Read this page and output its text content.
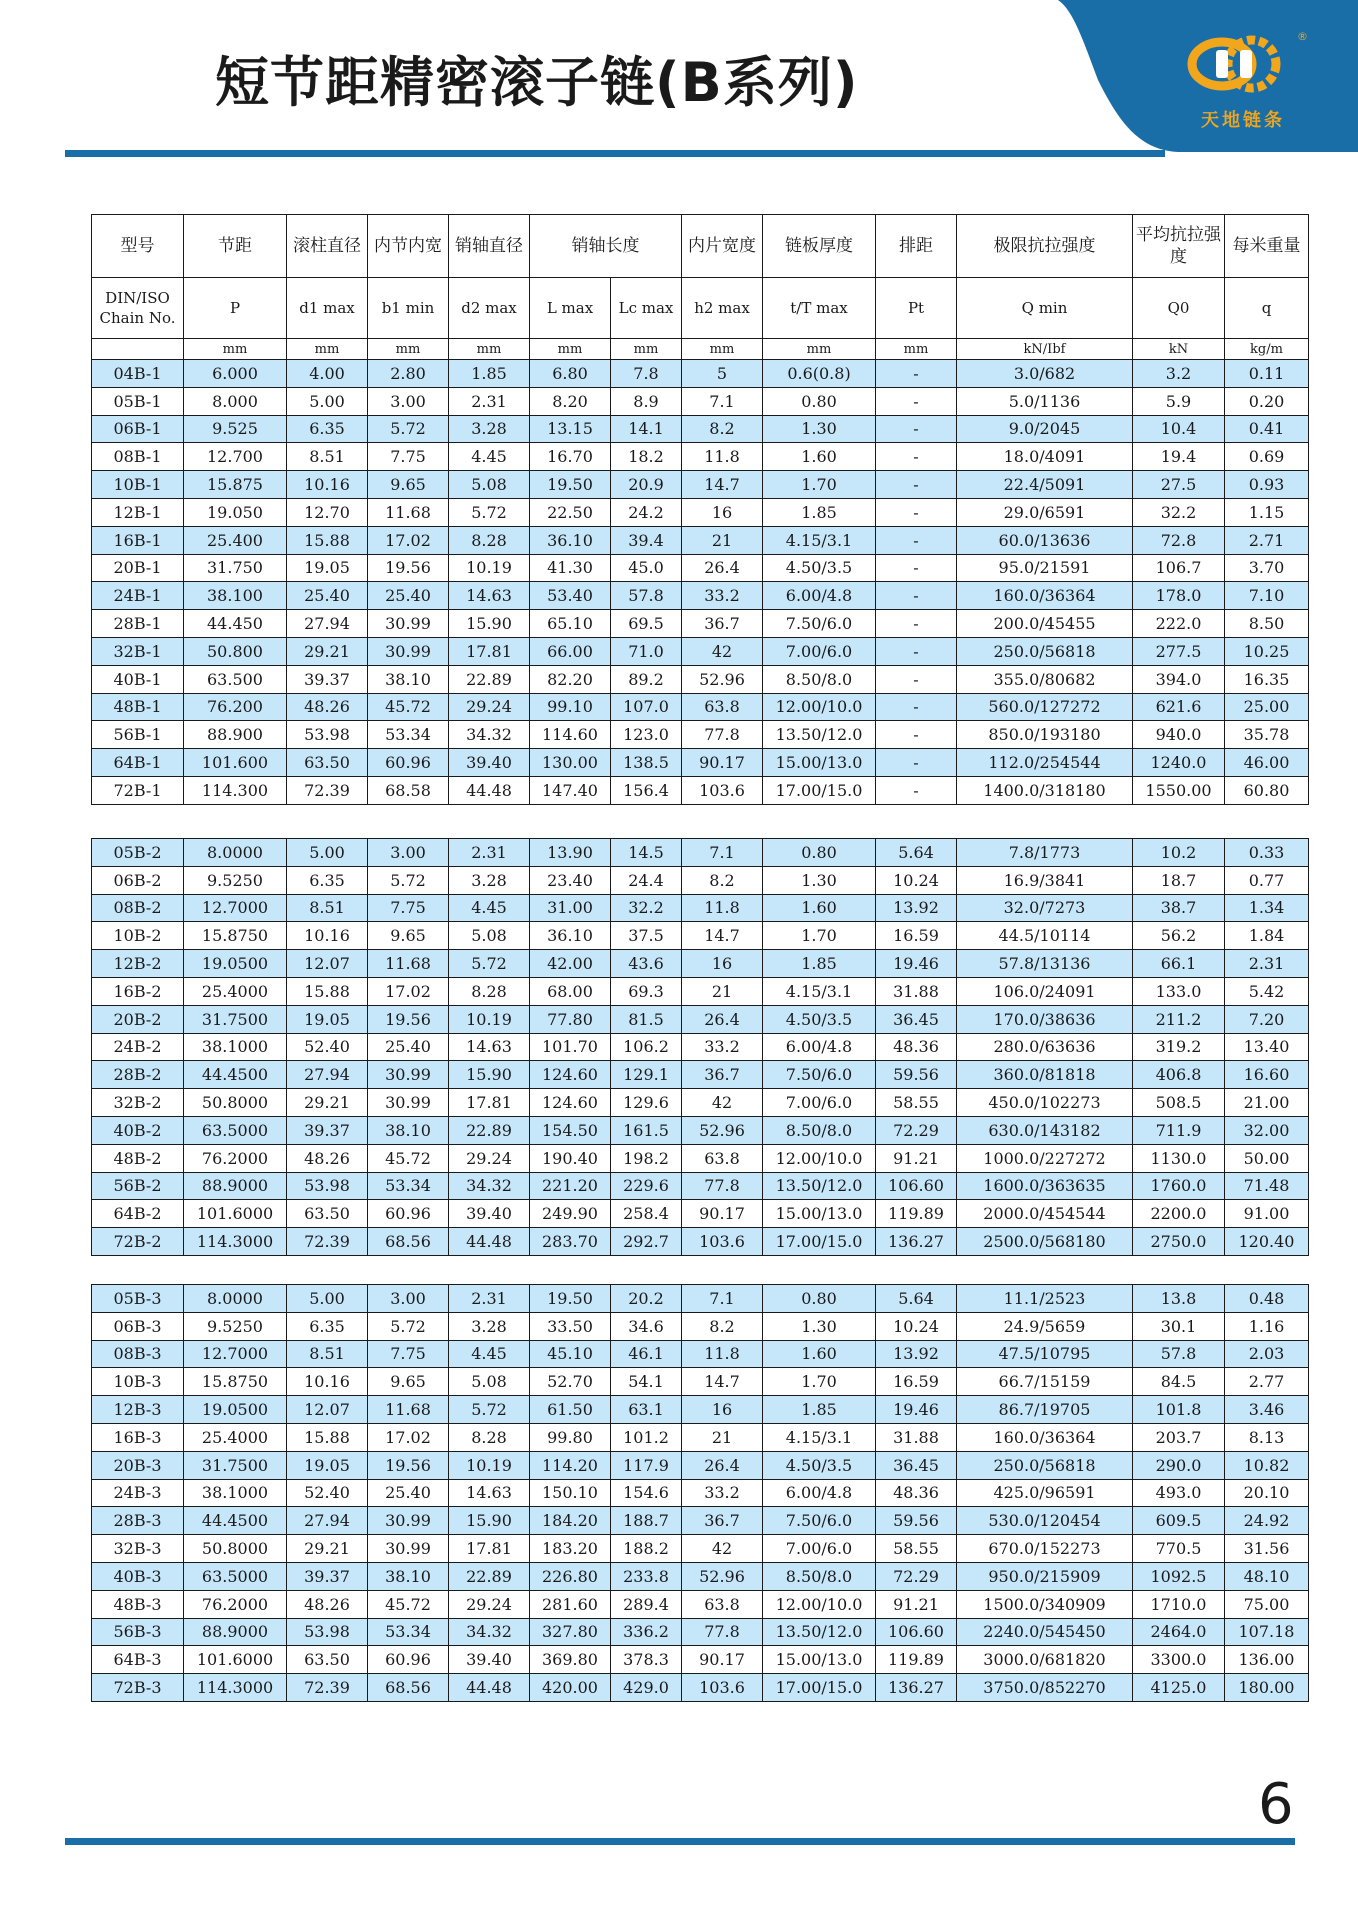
短节距精密滚子链(B系列)
®
天地链条
型号	节距	滚柱直径	内节内宽	销轴直径	销轴长度		内片宽度	链板厚度	排距	极限抗拉强度	平均抗拉强度	每米重量
DIN/ISO Chain No.	P	d1 max	b1 min	d2 max	L max	Lc max	h2 max	t/T max	Pt	Q min	Q0	q
	mm	mm	mm	mm	mm	mm	mm	mm	mm	kN/Ibf	kN	kg/m
04B-1	6.000	4.00	2.80	1.85	6.80	7.8	5	0.6(0.8)	-	3.0/682	3.2	0.11
05B-1	8.000	5.00	3.00	2.31	8.20	8.9	7.1	0.80	-	5.0/1136	5.9	0.20
06B-1	9.525	6.35	5.72	3.28	13.15	14.1	8.2	1.30	-	9.0/2045	10.4	0.41
08B-1	12.700	8.51	7.75	4.45	16.70	18.2	11.8	1.60	-	18.0/4091	19.4	0.69
10B-1	15.875	10.16	9.65	5.08	19.50	20.9	14.7	1.70	-	22.4/5091	27.5	0.93
12B-1	19.050	12.70	11.68	5.72	22.50	24.2	16	1.85	-	29.0/6591	32.2	1.15
16B-1	25.400	15.88	17.02	8.28	36.10	39.4	21	4.15/3.1	-	60.0/13636	72.8	2.71
20B-1	31.750	19.05	19.56	10.19	41.30	45.0	26.4	4.50/3.5	-	95.0/21591	106.7	3.70
24B-1	38.100	25.40	25.40	14.63	53.40	57.8	33.2	6.00/4.8	-	160.0/36364	178.0	7.10
28B-1	44.450	27.94	30.99	15.90	65.10	69.5	36.7	7.50/6.0	-	200.0/45455	222.0	8.50
32B-1	50.800	29.21	30.99	17.81	66.00	71.0	42	7.00/6.0	-	250.0/56818	277.5	10.25
40B-1	63.500	39.37	38.10	22.89	82.20	89.2	52.96	8.50/8.0	-	355.0/80682	394.0	16.35
48B-1	76.200	48.26	45.72	29.24	99.10	107.0	63.8	12.00/10.0	-	560.0/127272	621.6	25.00
56B-1	88.900	53.98	53.34	34.32	114.60	123.0	77.8	13.50/12.0	-	850.0/193180	940.0	35.78
64B-1	101.600	63.50	60.96	39.40	130.00	138.5	90.17	15.00/13.0	-	112.0/254544	1240.0	46.00
72B-1	114.300	72.39	68.58	44.48	147.40	156.4	103.6	17.00/15.0	-	1400.0/318180	1550.00	60.80
05B-2	8.0000	5.00	3.00	2.31	13.90	14.5	7.1	0.80	5.64	7.8/1773	10.2	0.33
06B-2	9.5250	6.35	5.72	3.28	23.40	24.4	8.2	1.30	10.24	16.9/3841	18.7	0.77
08B-2	12.7000	8.51	7.75	4.45	31.00	32.2	11.8	1.60	13.92	32.0/7273	38.7	1.34
10B-2	15.8750	10.16	9.65	5.08	36.10	37.5	14.7	1.70	16.59	44.5/10114	56.2	1.84
12B-2	19.0500	12.07	11.68	5.72	42.00	43.6	16	1.85	19.46	57.8/13136	66.1	2.31
16B-2	25.4000	15.88	17.02	8.28	68.00	69.3	21	4.15/3.1	31.88	106.0/24091	133.0	5.42
20B-2	31.7500	19.05	19.56	10.19	77.80	81.5	26.4	4.50/3.5	36.45	170.0/38636	211.2	7.20
24B-2	38.1000	52.40	25.40	14.63	101.70	106.2	33.2	6.00/4.8	48.36	280.0/63636	319.2	13.40
28B-2	44.4500	27.94	30.99	15.90	124.60	129.1	36.7	7.50/6.0	59.56	360.0/81818	406.8	16.60
32B-2	50.8000	29.21	30.99	17.81	124.60	129.6	42	7.00/6.0	58.55	450.0/102273	508.5	21.00
40B-2	63.5000	39.37	38.10	22.89	154.50	161.5	52.96	8.50/8.0	72.29	630.0/143182	711.9	32.00
48B-2	76.2000	48.26	45.72	29.24	190.40	198.2	63.8	12.00/10.0	91.21	1000.0/227272	1130.0	50.00
56B-2	88.9000	53.98	53.34	34.32	221.20	229.6	77.8	13.50/12.0	106.60	1600.0/363635	1760.0	71.48
64B-2	101.6000	63.50	60.96	39.40	249.90	258.4	90.17	15.00/13.0	119.89	2000.0/454544	2200.0	91.00
72B-2	114.3000	72.39	68.56	44.48	283.70	292.7	103.6	17.00/15.0	136.27	2500.0/568180	2750.0	120.40
05B-3	8.0000	5.00	3.00	2.31	19.50	20.2	7.1	0.80	5.64	11.1/2523	13.8	0.48
06B-3	9.5250	6.35	5.72	3.28	33.50	34.6	8.2	1.30	10.24	24.9/5659	30.1	1.16
08B-3	12.7000	8.51	7.75	4.45	45.10	46.1	11.8	1.60	13.92	47.5/10795	57.8	2.03
10B-3	15.8750	10.16	9.65	5.08	52.70	54.1	14.7	1.70	16.59	66.7/15159	84.5	2.77
12B-3	19.0500	12.07	11.68	5.72	61.50	63.1	16	1.85	19.46	86.7/19705	101.8	3.46
16B-3	25.4000	15.88	17.02	8.28	99.80	101.2	21	4.15/3.1	31.88	160.0/36364	203.7	8.13
20B-3	31.7500	19.05	19.56	10.19	114.20	117.9	26.4	4.50/3.5	36.45	250.0/56818	290.0	10.82
24B-3	38.1000	52.40	25.40	14.63	150.10	154.6	33.2	6.00/4.8	48.36	425.0/96591	493.0	20.10
28B-3	44.4500	27.94	30.99	15.90	184.20	188.7	36.7	7.50/6.0	59.56	530.0/120454	609.5	24.92
32B-3	50.8000	29.21	30.99	17.81	183.20	188.2	42	7.00/6.0	58.55	670.0/152273	770.5	31.56
40B-3	63.5000	39.37	38.10	22.89	226.80	233.8	52.96	8.50/8.0	72.29	950.0/215909	1092.5	48.10
48B-3	76.2000	48.26	45.72	29.24	281.60	289.4	63.8	12.00/10.0	91.21	1500.0/340909	1710.0	75.00
56B-3	88.9000	53.98	53.34	34.32	327.80	336.2	77.8	13.50/12.0	106.60	2240.0/545450	2464.0	107.18
64B-3	101.6000	63.50	60.96	39.40	369.80	378.3	90.17	15.00/13.0	119.89	3000.0/681820	3300.0	136.00
72B-3	114.3000	72.39	68.56	44.48	420.00	429.0	103.6	17.00/15.0	136.27	3750.0/852270	4125.0	180.00
6
